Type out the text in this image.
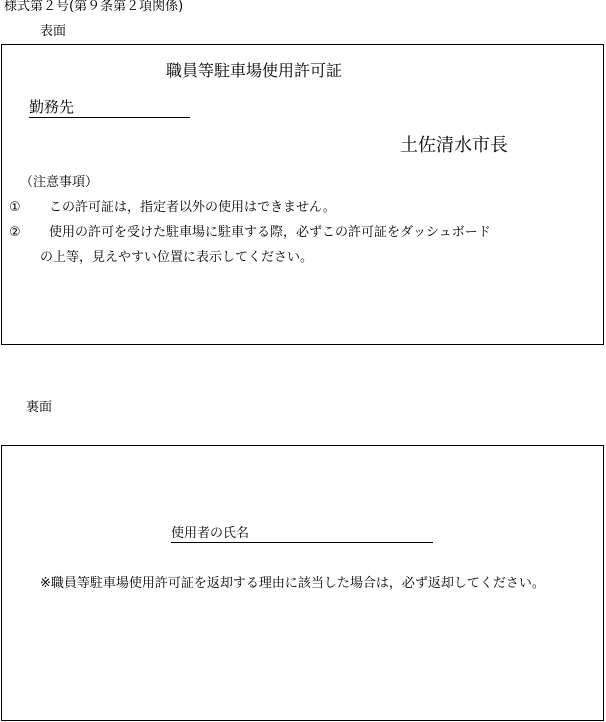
様式第２号(第９条第２項関係)
表面
職員等駐車場使用許可証
勤務先
土佐清水市長
（注意事項）
① この許可証は，指定者以外の使用はできません。
② 使用の許可を受けた駐車場に駐車する際，必ずこの許可証をダッシュボード
の上等，見えやすい位置に表示してください。
裏面
使用者の氏名
※職員等駐車場使用許可証を返却する理由に該当した場合は，必ず返却してください。
